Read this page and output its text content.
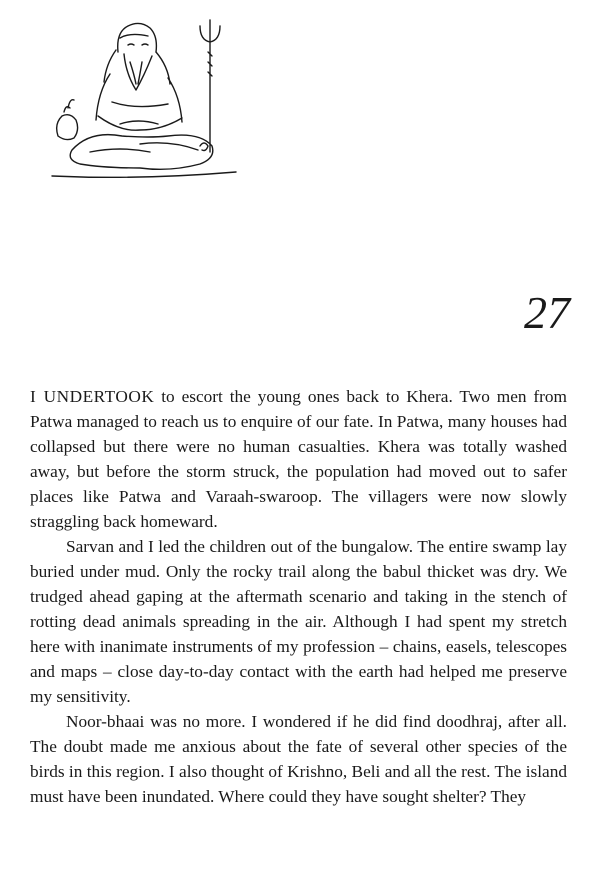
27

I UNDERTOOK to escort the young ones back to Khera. Two men from Patwa managed to reach us to enquire of our fate. In Patwa, many houses had collapsed but there were no human casualties. Khera was totally washed away, but before the storm struck, the population had moved out to safer places like Patwa and Varaah-swaroop. The villagers were now slowly straggling back homeward.

Sarvan and I led the children out of the bungalow. The entire swamp lay buried under mud. Only the rocky trail along the babul thicket was dry. We trudged ahead gaping at the aftermath scenario and taking in the stench of rotting dead animals spreading in the air. Although I had spent my stretch here with inanimate instruments of my profession – chains, easels, telescopes and maps – close day-to-day contact with the earth had helped me preserve my sensitivity.

Noor-bhaai was no more. I wondered if he did find doodhraj, after all. The doubt made me anxious about the fate of several other species of the birds in this region. I also thought of Krishno, Beli and all the rest. The island must have been inundated. Where could they have sought shelter? They
